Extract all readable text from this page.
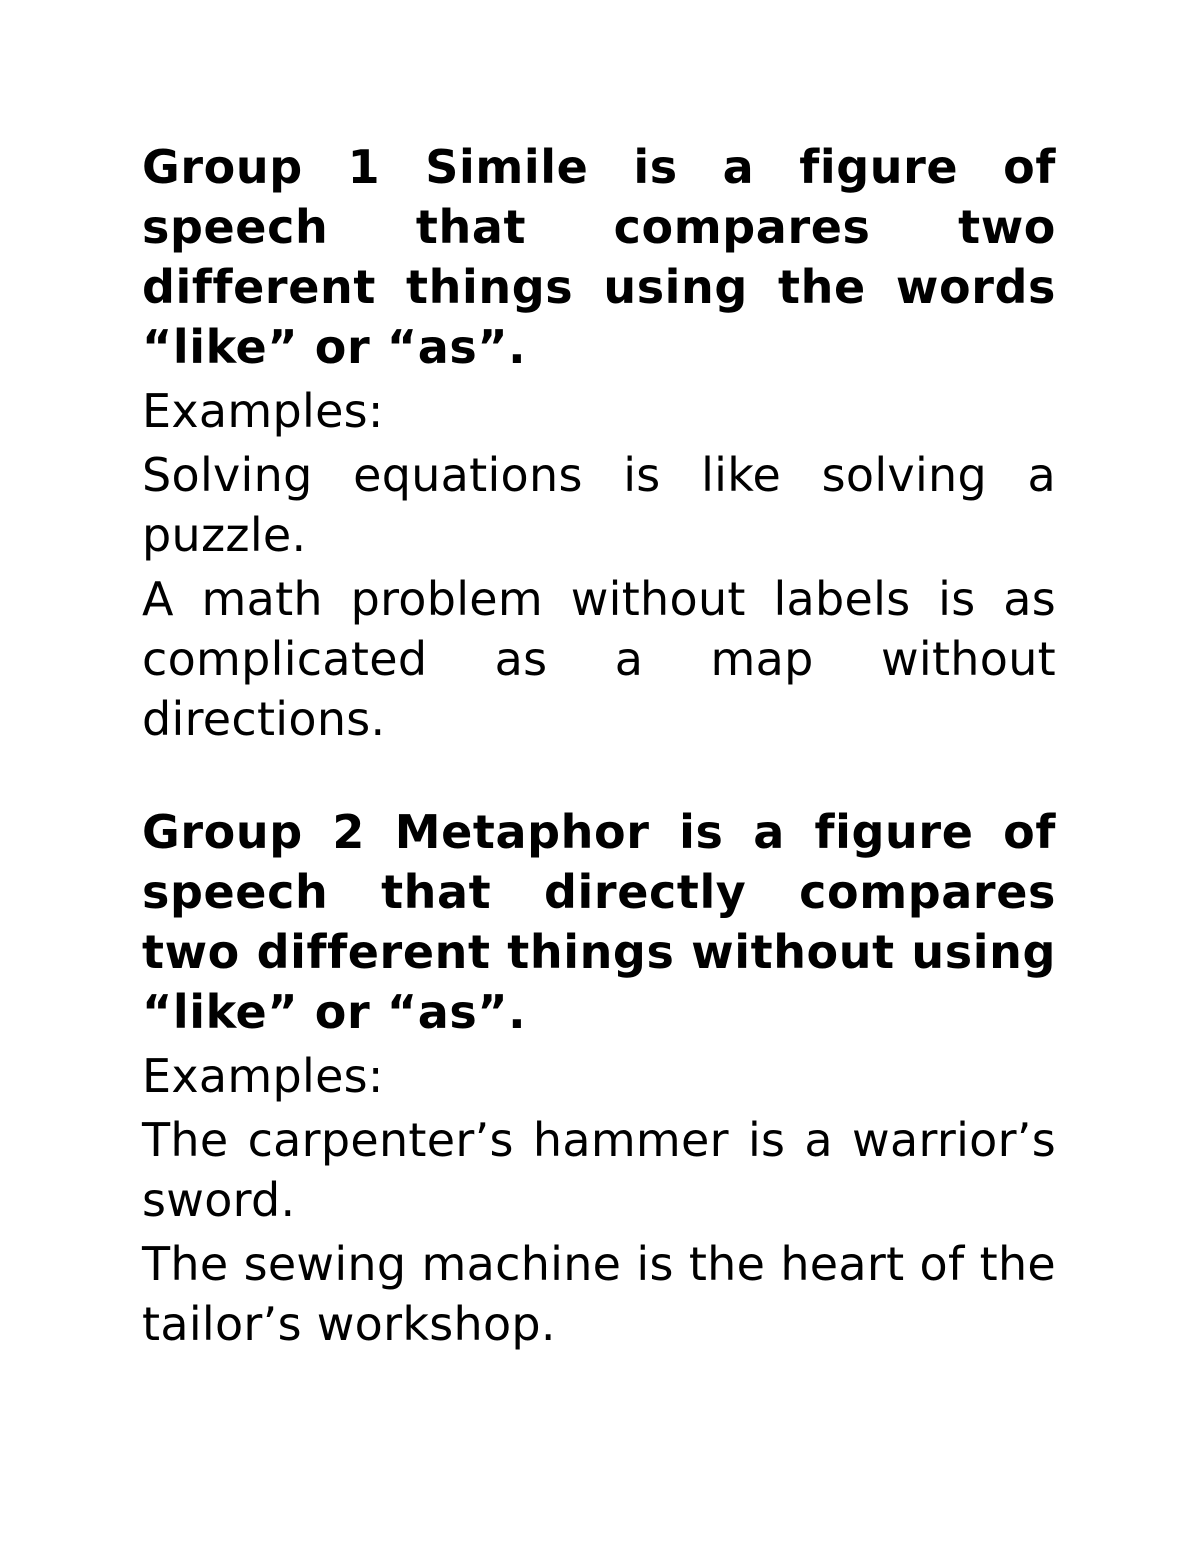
Group 1 Simile is a figure of speech that compares two different things using the words “like” or “as”.

Examples:

Solving equations is like solving a puzzle.

A math problem without labels is as complicated as a map without directions.

Group 2 Metaphor is a figure of speech that directly compares two different things without using “like” or “as”.

Examples:

The carpenter’s hammer is a warrior’s sword.

The sewing machine is the heart of the tailor’s workshop.
